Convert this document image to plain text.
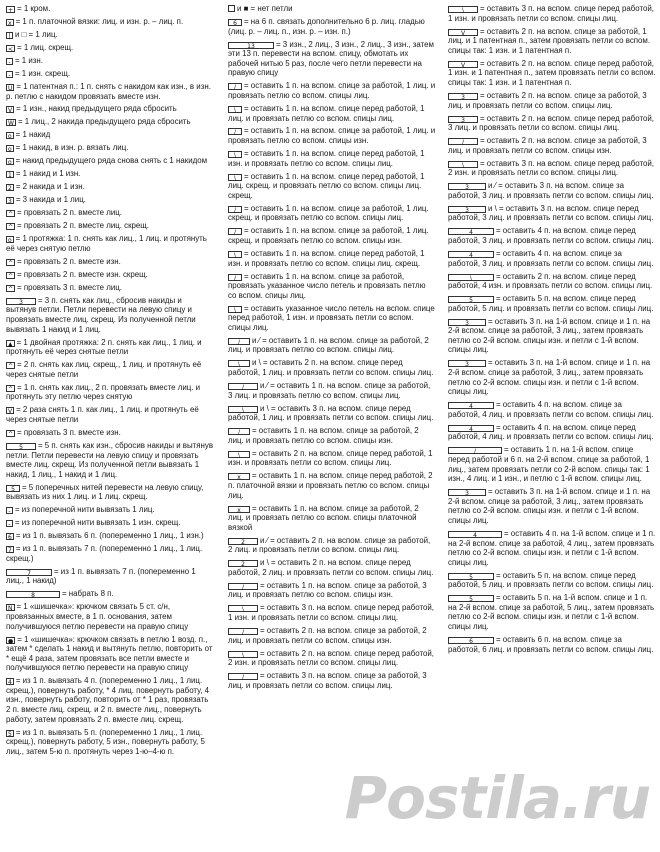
+ = 1 кром.
x = 1 п. платочной вязки: лиц. и изн. р. – лиц. п.
| и □ = 1 лиц.
< = 1 лиц. скрещ.
- = 1 изн.
- = 1 изн. скрещ.
U = 1 патентная п.: 1 п. снять с накидом как изн., в изн. р. петлю с накидом провязать вместе изн.
V = 1 изн., накид предыдущего ряда сбросить
W = 1 лиц., 2 накида предыдущего ряда сбросить
o = 1 накид
o = 1 накид, в изн. р. вязать лиц.
o = накид предыдущего ряда снова снять с 1 накидом
1 = 1 накид и 1 изн.
2 = 2 накида и 1 изн.
3 = 3 накида и 1 лиц.
^ = провязать 2 п. вместе лиц.
^ = провязать 2 п. вместе лиц. скрещ.
o = 1 протяжка: 1 п. снять как лиц., 1 лиц. и протянуть её через снятую петлю
^ = провязать 2 п. вместе изн.
^ = провязать 2 п. вместе изн. скрещ.
^ = провязать 3 п. вместе лиц.
3 = 3 п. снять как лиц., сбросив накиды и вытянув петли. Петли перевести на левую спицу и провязать вместе лиц. скрещ. Из полученной петли вывязать 1 накид и 1 лиц.
▲ = 1 двойная протяжка: 2 п. снять как лиц., 1 лиц. и протянуть её через снятые петли
^ = 2 п. снять как лиц. скрещ., 1 лиц. и протянуть её через снятые петли
^ = 1 п. снять как лиц., 2 п. провязать вместе лиц. и протянуть эту петлю через снятую
V = 2 раза снять 1 п. как лиц., 1 лиц. и протянуть её через снятые петли
^ = провязать 3 п. вместе изн.
5 = 5 п. снять как изн., сбросив накиды и вытянув петли. Петли перевести на левую спицу и провязать вместе лиц. скрещ. Из полученной петли вывязать 1 накид, 1 лиц., 1 накид и 1 лиц.
5 = 5 поперечных нитей перевести на левую спицу, вывязать из них 1 лиц. и 1 лиц. скрещ.
- = из поперечной нити вывязать 1 лиц.
- = из поперечной нити вывязать 1 изн. скрещ.
6 = из 1 п. вывязать 6 п. (попеременно 1 лиц., 1 изн.)
7 = из 1 п. вывязать 7 п. (попеременно 1 лиц., 1 лиц. скрещ.)
7	= из 1 п. вывязать 7 п. (попеременно 1 лиц., 1 накид)
8	= набрать 8 п.
N = 1 «шишечка»: крючком связать 5 ст. с/н, провязанных вместе, в 1 п. основания, затем получившуюся петлю перевести на правую спицу
● = 1 «шишечка»: крючком связать в петлю 1 возд. п., затем * сделать 1 накид и вытянуть петлю, повторить от * ещё 4 раза, затем провязать все петли вместе и получившуюся петлю перевести на правую спицу
4 = из 1 п. вывязать 4 п. (попеременно 1 лиц., 1 лиц. скрещ.), повернуть работу, * 4 лиц. повернуть работу, 4 изн., повернуть работу, повторить от * 1 раз, провязать 2 п. вместе лиц. скрещ. и 2 п. вместе лиц., повернуть работу, затем провязать 2 п. вместе лиц. скрещ.
5 = из 1 п. вывязать 5 п. (попеременно 1 лиц., 1 лиц. скрещ.), повернуть работу, 5 изн., повернуть работу, 5 лиц., затем 5-ю п. протянуть через 1-ю–4-ю п.
и ■ = нет петли
6 = на 6 п. связать дополнительно 6 р. лиц. гладью (лиц. р. – лиц. п., изн. р. – изн. п.)
13	= 3 изн., 2 лиц., 3 изн., 2 лиц., 3 изн., затем эти 13 п. перевести на вспом. спицу, обмотать их рабочей нитью 5 раз, после чего петли перевести на правую спицу
/ = оставить 1 п. на вспом. спице за работой, 1 лиц. и провязать петлю со вспом. спицы лиц.
\ = оставить 1 п. на вспом. спице перед работой, 1 лиц. и провязать петлю со вспом. спицы лиц.
/ = оставить 1 п. на вспом. спице за работой, 1 лиц. и провязать петлю со вспом. спицы изн.
\ = оставить 1 п. на вспом. спице перед работой, 1 изн. и провязать петлю со вспом. спицы лиц.
\ = оставить 1 п. на вспом. спице перед работой, 1 лиц. скрещ. и провязать петлю со вспом. спицы лиц. скрещ.
/ = оставить 1 п. на вспом. спице за работой, 1 лиц. скрещ. и провязать петлю со вспом. спицы лиц.
/ = оставить 1 п. на вспом. спице за работой, 1 лиц. скрещ. и провязать петлю со вспом. спицы изн.
\ = оставить 1 п. на вспом. спице перед работой, 1 изн. и провязать петлю со вспом. спицы лиц. скрещ.
/ = оставить 1 п. на вспом. спице за работой, провязать указанное число петель и провязать петлю со вспом. спицы лиц.
\ = оставить указанное число петель на вспом. спице перед работой, 1 изн. и провязать петли со вспом. спицы лиц.
/ и ⁄ = оставить 1 п. на вспом. спице за работой, 2 лиц. и провязать петлю со вспом. спицы лиц.
\ и \ = оставить 2 п. на вспом. спице перед работой, 1 лиц. и провязать петли со вспом. спицы лиц.
/ и ⁄ = оставить 1 п. на вспом. спице за работой, 3 лиц. и провязать петлю со вспом. спицы лиц.
\ и \ = оставить 3 п. на вспом. спице перед работой, 1 лиц. и провязать петли со вспом. спицы лиц.
/ = оставить 1 п. на вспом. спице за работой, 2 лиц. и провязать петлю со вспом. спицы изн.
\ = оставить 2 п. на вспом. спице перед работой, 1 изн. и провязать петли со вспом. спицы лиц.
x = оставить 1 п. на вспом. спице перед работой, 2 п. платочной вязки и провязать петлю со вспом. спицы лиц.
x = оставить 1 п. на вспом. спице за работой, 2 лиц. и провязать петлю со вспом. спицы платочной вязкой
2 и ⁄ = оставить 2 п. на вспом. спице за работой, 2 лиц. и провязать петли со вспом. спицы лиц.
2 и \ = оставить 2 п. на вспом. спице перед работой, 2 лиц. и провязать петли со вспом. спицы лиц.
/ = оставить 1 п. на вспом. спице за работой, 3 лиц. и провязать петлю со вспом. спицы изн.
\ = оставить 3 п. на вспом. спице перед работой, 1 изн. и провязать петли со вспом. спицы лиц.
/ = оставить 2 п. на вспом. спице за работой, 2 лиц. и провязать петли со вспом. спицы изн.
\ = оставить 2 п. на вспом. спице перед работой, 2 изн. и провязать петли со вспом. спицы лиц.
/ = оставить 3 п. на вспом. спице за работой, 3 лиц. и провязать петли со вспом. спицы лиц.
\ = оставить 3 п. на вспом. спице перед работой, 1 изн. и провязать петли со вспом. спицы лиц.
V = оставить 2 п. на вспом. спице за работой, 1 лиц. и 1 патентная п., затем провязать петли со вспом. спицы так: 1 изн. и 1 патентная п.
V = оставить 2 п. на вспом. спице перед работой, 1 изн. и 1 патентная п., затем провязать петли со вспом. спицы так: 1 изн. и 1 патентная п.
3 = оставить 2 п. на вспом. спице за работой, 3 лиц. и провязать петли со вспом. спицы лиц.
3 = оставить 2 п. на вспом. спице перед работой, 3 лиц. и провязать петли со вспом. спицы лиц.
/ = оставить 2 п. на вспом. спице за работой, 3 лиц. и провязать петли со вспом. спицы изн.
\ = оставить 3 п. на вспом. спице перед работой, 2 изн. и провязать петли со вспом. спицы лиц.
3 и ⁄ = оставить 3 п. на вспом. спице за работой, 3 лиц. и провязать петли со вспом. спицы лиц.
3 и \ = оставить 3 п. на вспом. спице перед работой, 3 лиц. и провязать петли со вспом. спицы лиц.
4	= оставить 4 п. на вспом. спице перед работой, 3 лиц. и провязать петли со вспом. спицы лиц.
4	= оставить 4 п. на вспом. спице за работой, 3 лиц. и провязать петли со вспом. спицы лиц.
\	= оставить 2 п. на вспом. спице перед работой, 4 изн. и провязать петли со вспом. спицы лиц.
5	= оставить 5 п. на вспом. спице перед работой, 5 лиц. и провязать петли со вспом. спицы лиц.
3 = оставить 3 п. на 1-й вспом. спице и 1 п. на 2-й вспом. спице за работой, 3 лиц., затем провязать петлю со 2-й вспом. спицы изн. и петли с 1-й вспом. спицы лиц.
3 = оставить 3 п. на 1-й вспом. спице и 1 п. на 2-й вспом. спице за работой, 3 лиц., затем провязать петлю со 2-й вспом. спицы изн. и петли с 1-й вспом. спицы лиц.
4	= оставить 4 п. на вспом. спице за работой, 4 лиц. и провязать петли со вспом. спицы лиц.
4	= оставить 4 п. на вспом. спице перед работой, 4 лиц. и провязать петли со вспом. спицы лиц.
/	= оставить 1 п. на 1-й вспом. спице перед работой и 6 п. на 2-й вспом. спице за работой, 1 лиц., затем провязать петли со 2-й вспом. спицы так: 1 изн., 4 лиц. и 1 изн., и петлю с 1-й вспом. спицы лиц.
3 = оставить 3 п. на 1-й вспом. спице и 1 п. на 2-й вспом. спице за работой, 3 лиц., затем провязать петлю со 2-й вспом. спицы изн. и петли с 1-й вспом. спицы лиц.
4	= оставить 4 п. на 1-й вспом. спице и 1 п. на 2-й вспом. спице за работой, 4 лиц., затем провязать петлю со 2-й вспом. спицы изн. и петли с 1-й вспом. спицы лиц.
5	= оставить 5 п. на вспом. спице перед работой, 5 лиц. и провязать петли со вспом. спицы лиц.
5	= оставить 5 п. на 1-й вспом. спице и 1 п. на 2-й вспом. спице за работой, 5 лиц., затем провязать петлю со 2-й вспом. спицы изн. и петли с 1-й вспом. спицы лиц.
6	= оставить 6 п. на вспом. спице за работой, 6 лиц. и провязать петли со вспом. спицы лиц.
Postila.ru
